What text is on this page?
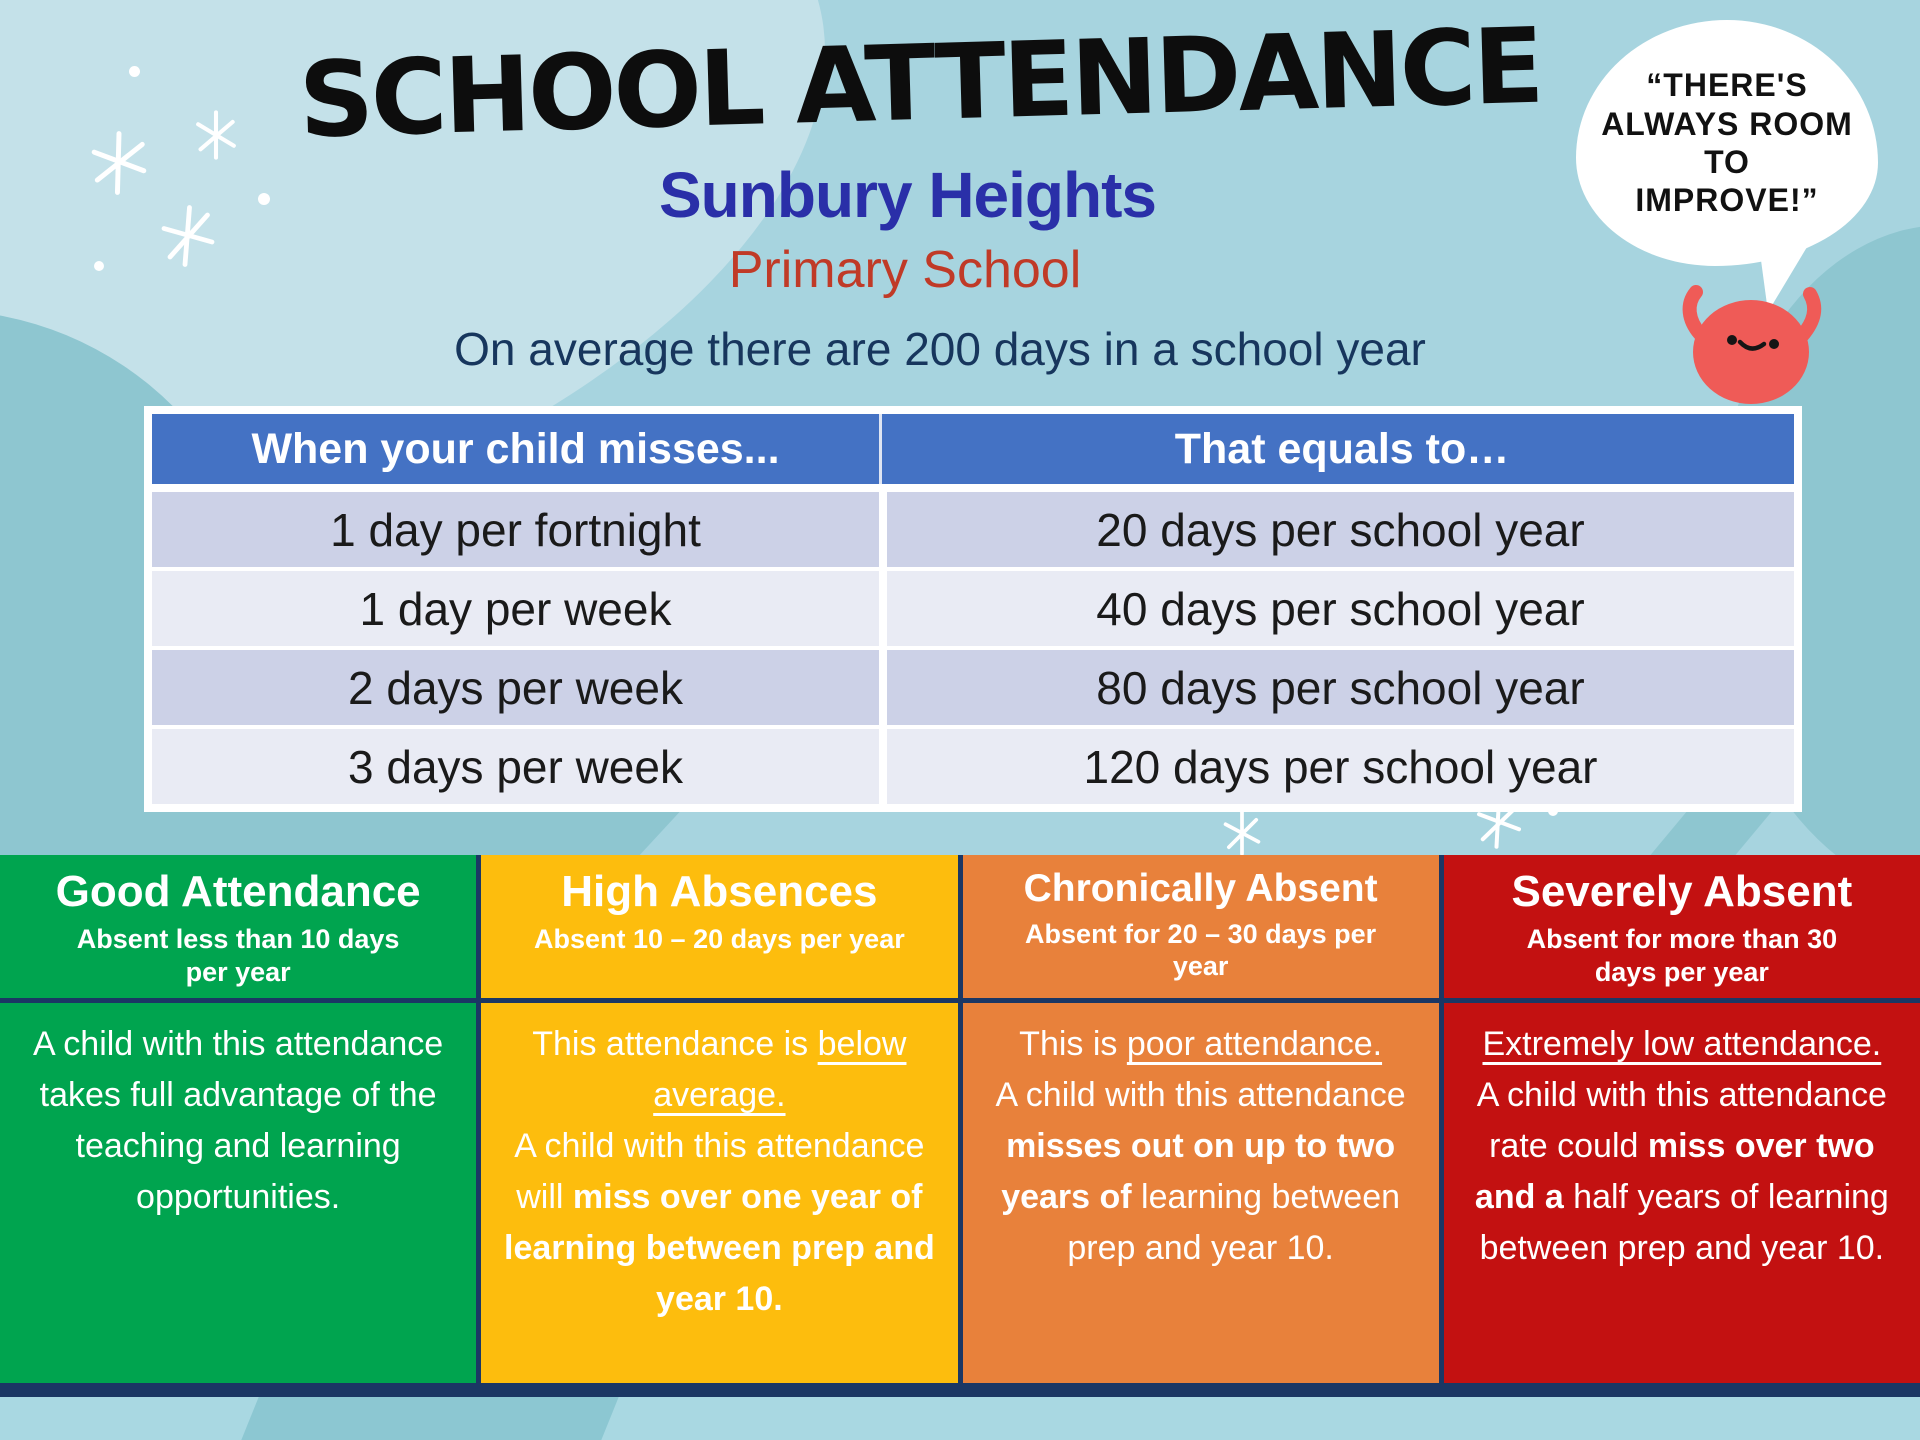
SCHOOL ATTENDANCE
Sunbury Heights
Primary School
On average there are 200 days in a school year
“THERE'S
ALWAYS ROOM TO
IMPROVE!”
When your child misses...	That equals to…
1 day per fortnight	20 days per school year
1 day per week	40 days per school year
2 days per week	80 days per school year
3 days per week	120 days per school year
Good Attendance
Absent less than 10 days per year
A child with this attendance takes full advantage of the teaching and learning opportunities.
High Absences
Absent 10 – 20 days per year
This attendance is below average.
A child with this attendance will miss over one year of learning between prep and year 10.
Chronically Absent
Absent for 20 – 30 days per year
This is poor attendance.
A child with this attendance misses out on up to two years of learning between prep and year 10.
Severely Absent
Absent for more than 30 days per year
Extremely low attendance.
A child with this attendance rate could miss over two and a half years of learning between prep and year 10.
